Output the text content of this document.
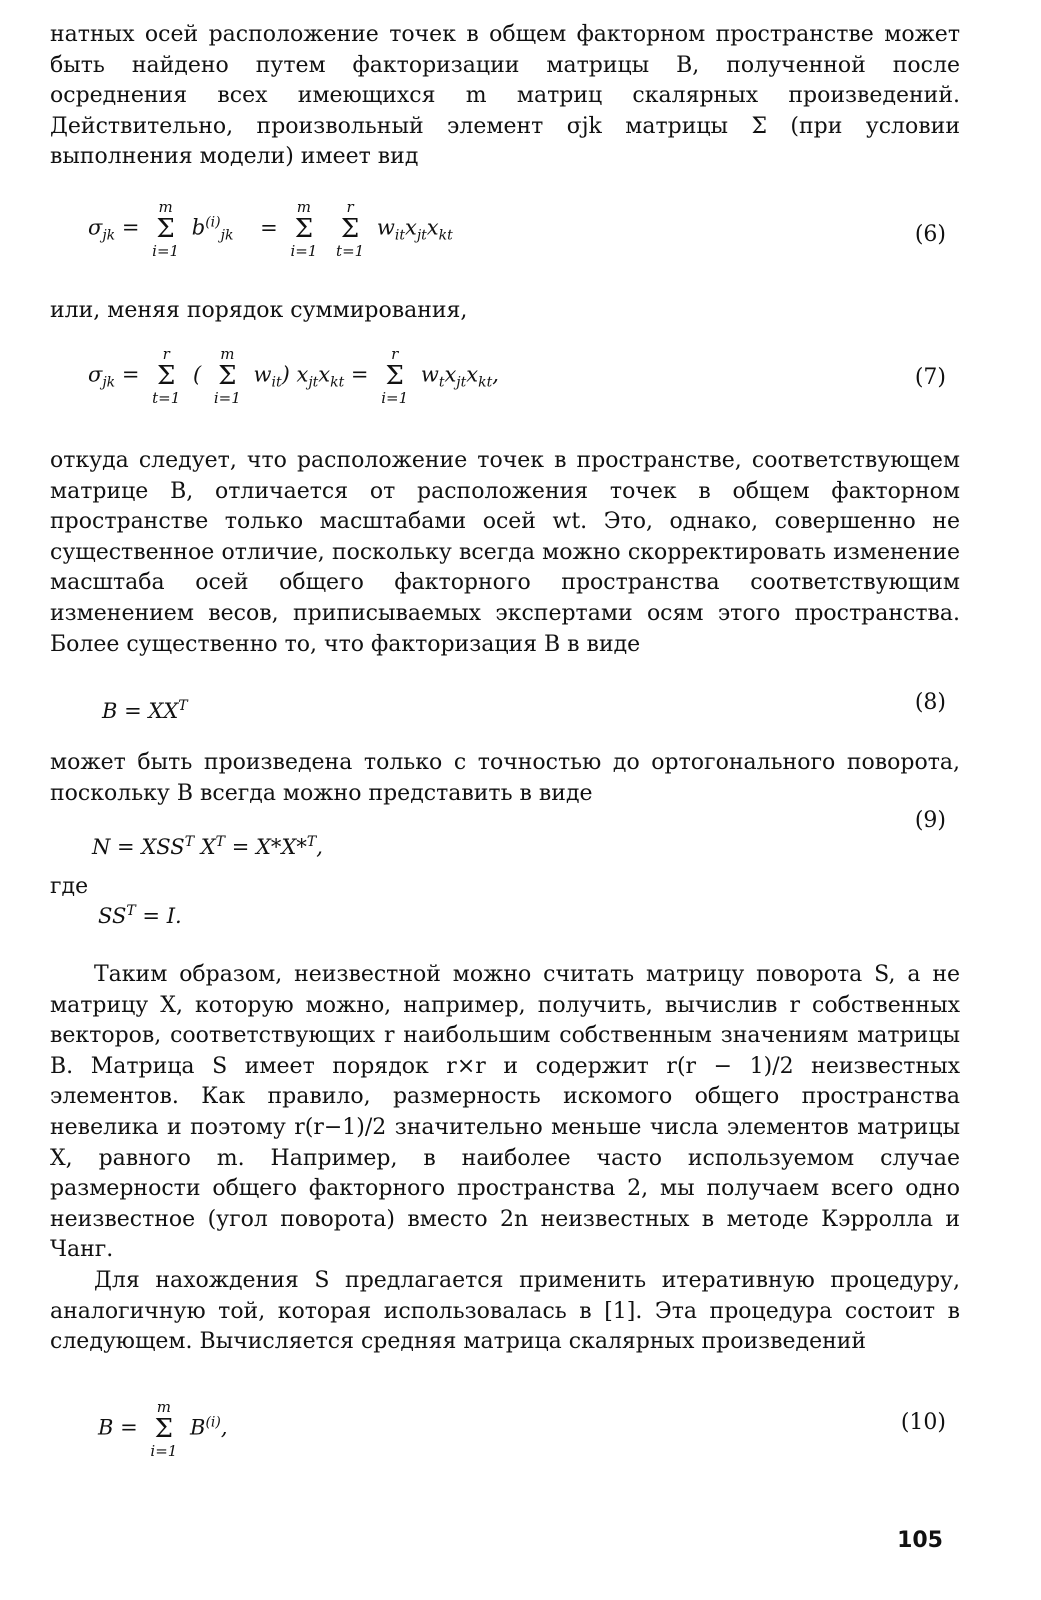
натных осей расположение точек в общем факторном пространстве может быть найдено путем факторизации матрицы В, полученной после осреднения всех имеющихся m матриц скалярных произведений. Действительно, произвольный элемент σjk матрицы Σ (при условии выполнения модели) имеет вид

$\sigma_{jk}$ =
m
Σ
i=1
$b^{(i)}_{jk}$ =
m
Σ
i=1

r
Σ
t=1
$w_{it}x_{jt}x_{kt}$	(6)

или, меняя порядок суммирования,

$\sigma_{jk}$ =
r
Σ
t=1
(
m
Σ
i=1
$w_{it}$) $x_{jt}x_{kt}$ =
r
Σ
i=1
$w_tx_{jt}x_{kt}$,	(7)

откуда следует, что расположение точек в пространстве, соответствующем матрице В, отличается от расположения точек в общем факторном пространстве только масштабами осей wt. Это, однако, совершенно не существенное отличие, поскольку всегда можно скорректировать изменение масштаба осей общего факторного пространства соответствующим изменением весов, приписываемых экспертами осям этого пространства. Более существенно то, что факторизация В в виде

$B = XX^T$	(8)

может быть произведена только с точностью до ортогонального поворота, поскольку В всегда можно представить в виде

$N = XSS^T$ $X^T = X*X*^T$,
(9)
где
$SS^T = I$.

Таким образом, неизвестной можно считать матрицу поворота S, а не матрицу X, которую можно, например, получить, вычислив r собственных векторов, соответствующих r наибольшим собственным значениям матрицы В. Матрица S имеет порядок r×r и содержит r(r − 1)/2 неизвестных элементов. Как правило, размерность искомого общего пространства невелика и поэтому r(r−1)/2 значительно меньше числа элементов матрицы X, равного m. Например, в наиболее часто используемом случае размерности общего факторного пространства 2, мы получаем всего одно неизвестное (угол поворота) вместо 2n неизвестных в методе Кэрролла и Чанг.

Для нахождения S предлагается применить итеративную процедуру, аналогичную той, которая использовалась в [1]. Эта процедура состоит в следующем. Вычисляется средняя матрица скалярных произведений

B =
m
Σ
i=1
$B^{(i)}$,	(10)
105
